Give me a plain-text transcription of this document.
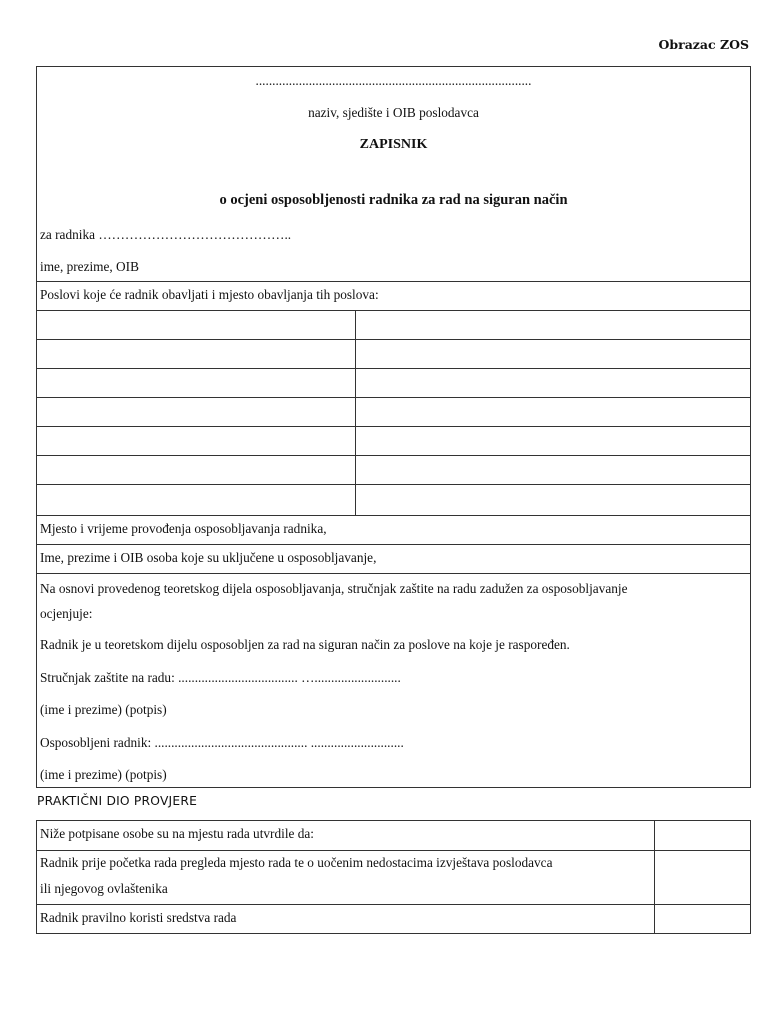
Obrazac ZOS
...................................................................................
naziv, sjedište i OIB poslodavca
ZAPISNIK
o ocjeni osposobljenosti radnika za rad na siguran način
za radnika ……………………………………..
ime, prezime, OIB
Poslovi koje će radnik obavljati i mjesto obavljanja tih poslova:
Mjesto i vrijeme provođenja osposobljavanja radnika,
Ime, prezime i OIB osoba koje su uključene u osposobljavanje,
Na osnovi provedenog teoretskog dijela osposobljavanja, stručnjak zaštite na radu zadužen za osposobljavanje
ocjenjuje:
Radnik je u teoretskom dijelu osposobljen za rad na siguran način za poslove na koje je raspoređen.
Stručnjak zaštite na radu: .................................... …..........................
(ime i prezime) (potpis)
Osposobljeni radnik: .............................................. ............................
(ime i prezime) (potpis)
PRAKTIČNI DIO PROVJERE
Niže potpisane osobe su na mjestu rada utvrdile da:
Radnik prije početka rada pregleda mjesto rada te o uočenim nedostacima izvještava poslodavca
ili njegovog ovlaštenika
Radnik pravilno koristi sredstva rada
